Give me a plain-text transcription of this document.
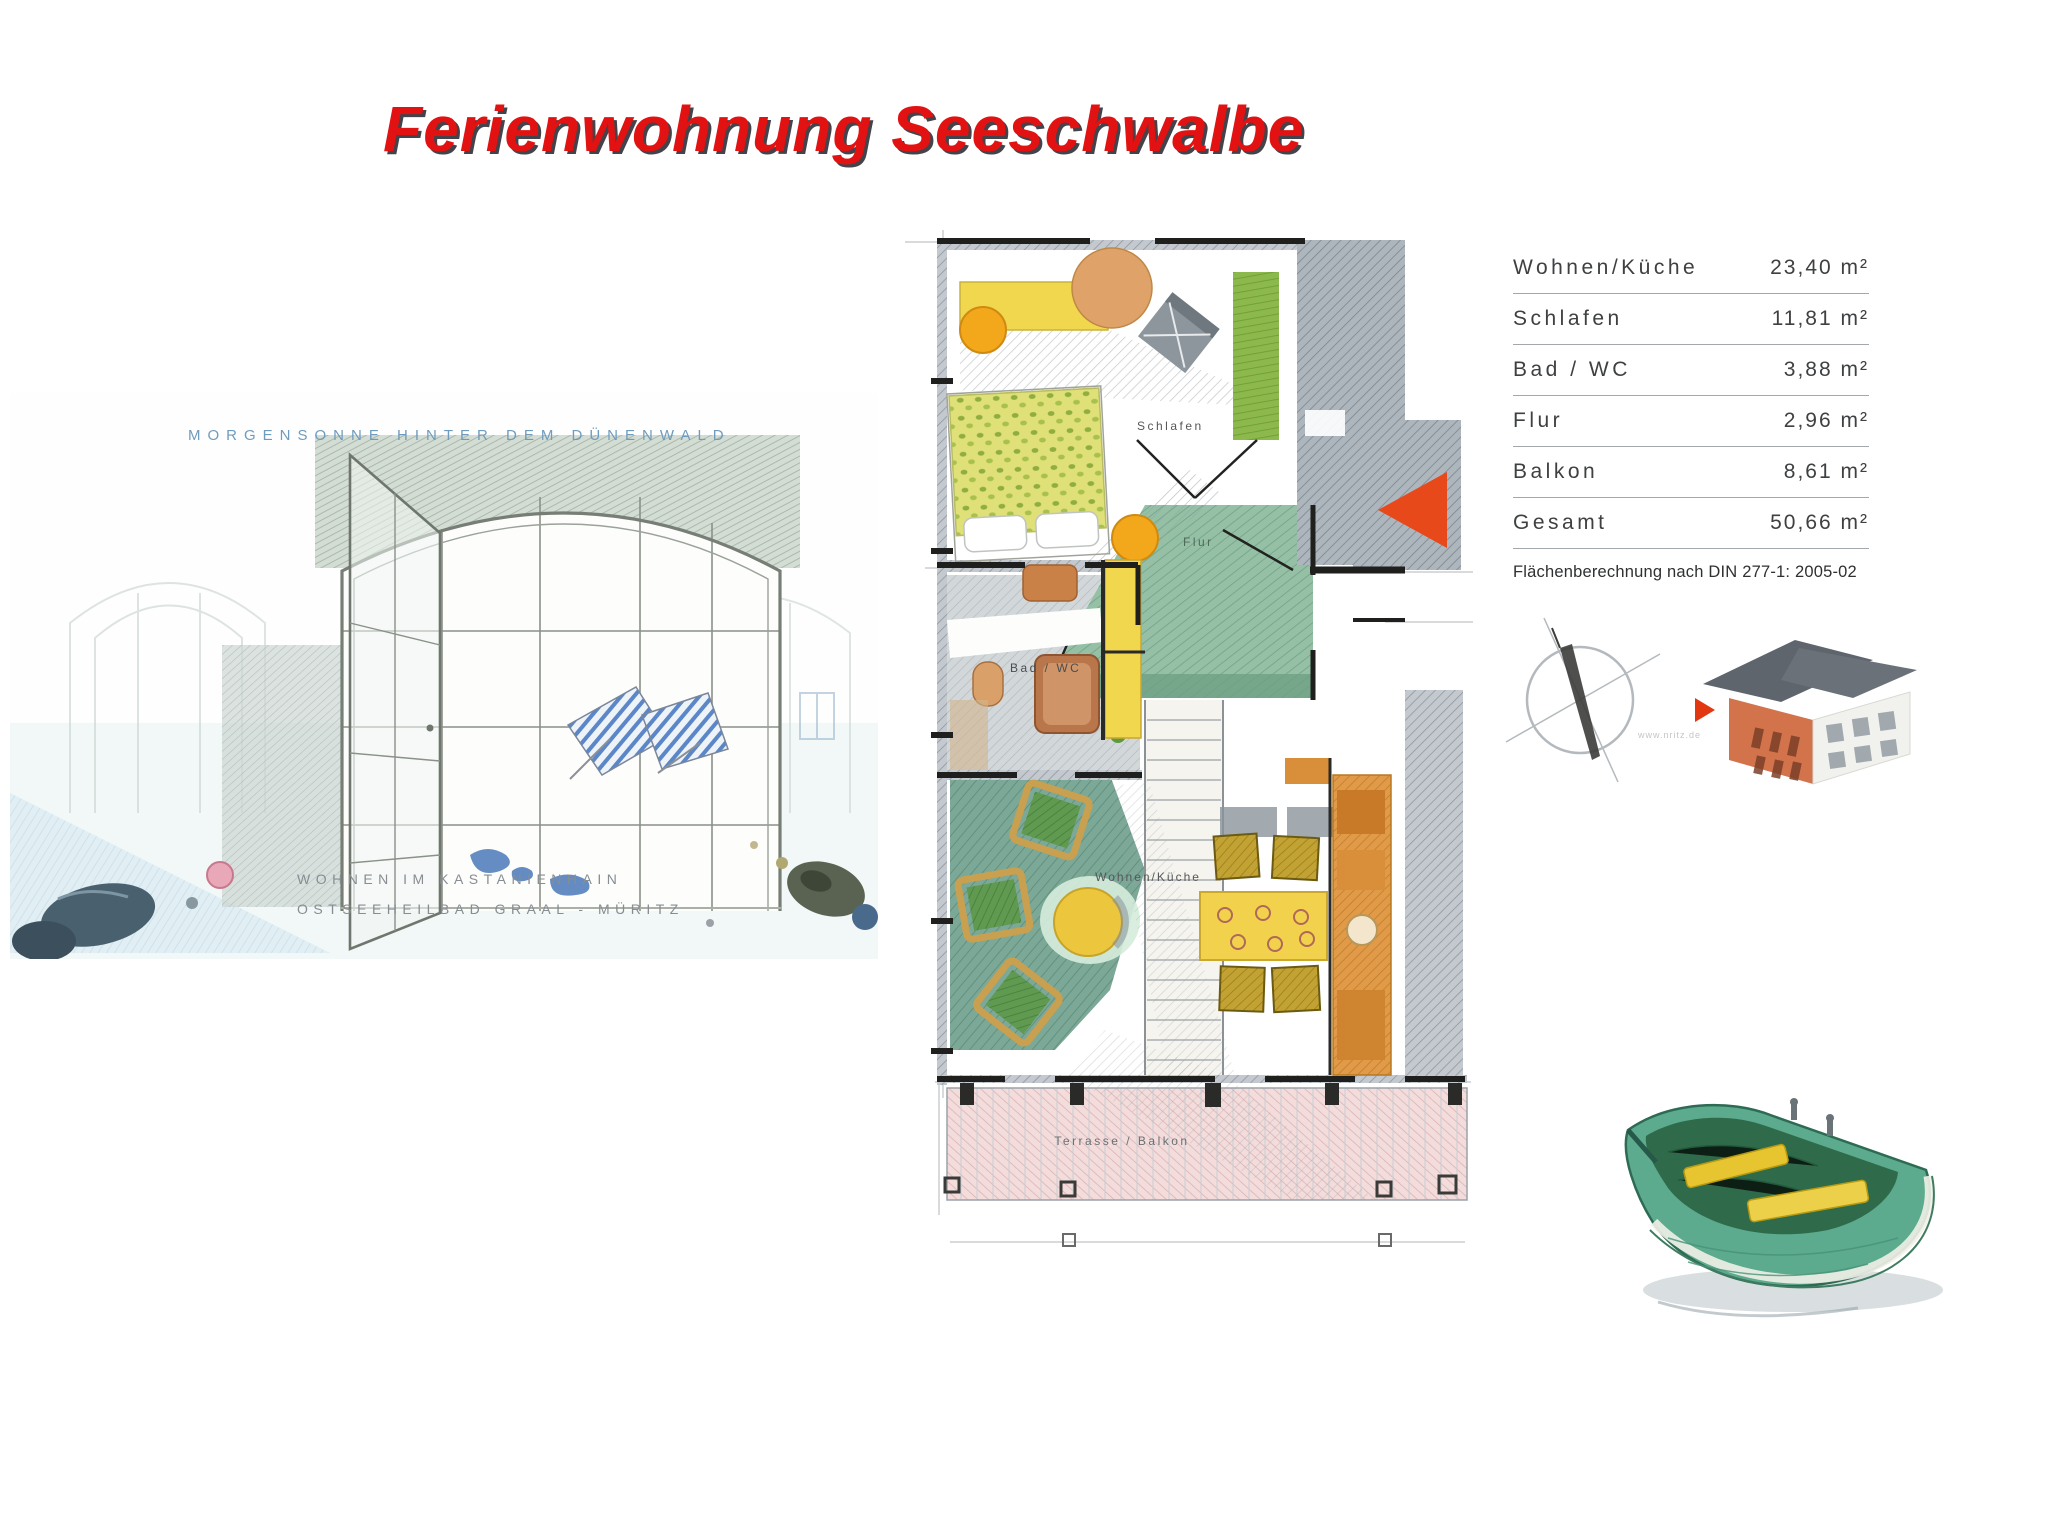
Ferienwohnung Seeschwalbe
MORGENSONNE HINTER DEM DÜNENWALD
WOHNEN IM KASTANIENHAIN
OSTSEEHEILBAD GRAAL - MÜRITZ
Schlafen
Flur
Bad / WC
Wohnen/Küche
Terrasse / Balkon
Wohnen/Küche	23,40 m²
Schlafen	11,81 m²
Bad / WC	3,88 m²
Flur	2,96 m²
Balkon	8,61 m²
Gesamt	50,66 m²
Flächenberechnung nach DIN 277-1: 2005-02
www.nritz.de
